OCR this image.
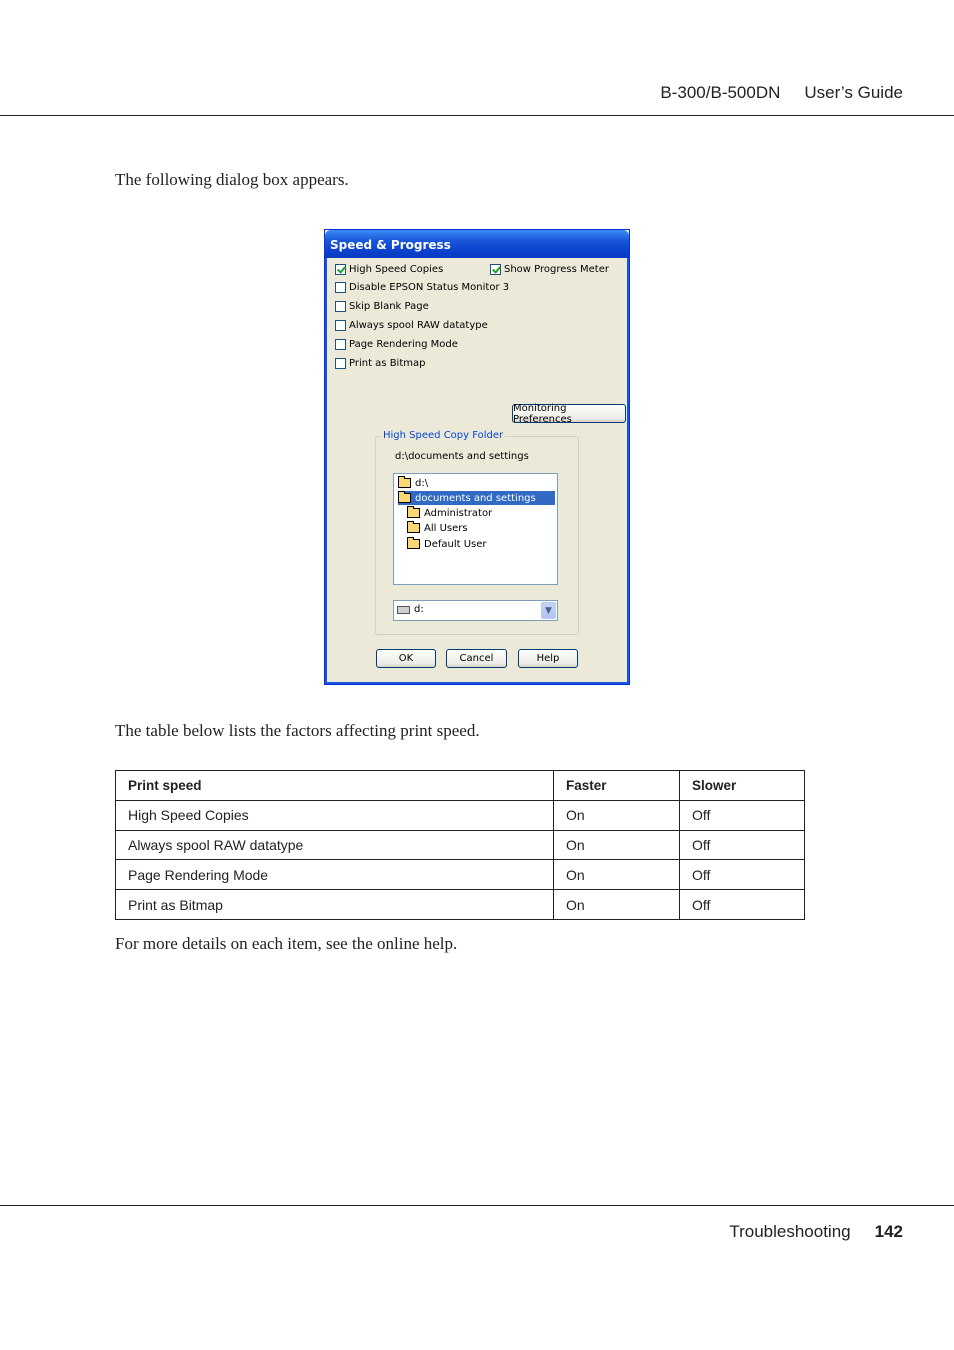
B-300/B-500DN User’s Guide
The following dialog box appears.
Speed & Progress
High Speed Copies	Show Progress Meter
Disable EPSON Status Monitor 3
Skip Blank Page
Always spool RAW datatype
Page Rendering Mode
Print as Bitmap
Monitoring Preferences
High Speed Copy Folder
d:\documents and settings
d:\
documents and settings
Administrator
All Users
Default User
d:	▼
OK	Cancel	Help
The table below lists the factors affecting print speed.
Print speed	Faster	Slower
High Speed Copies	On	Off
Always spool RAW datatype	On	Off
Page Rendering Mode	On	Off
Print as Bitmap	On	Off
For more details on each item, see the online help.
Troubleshooting 142
